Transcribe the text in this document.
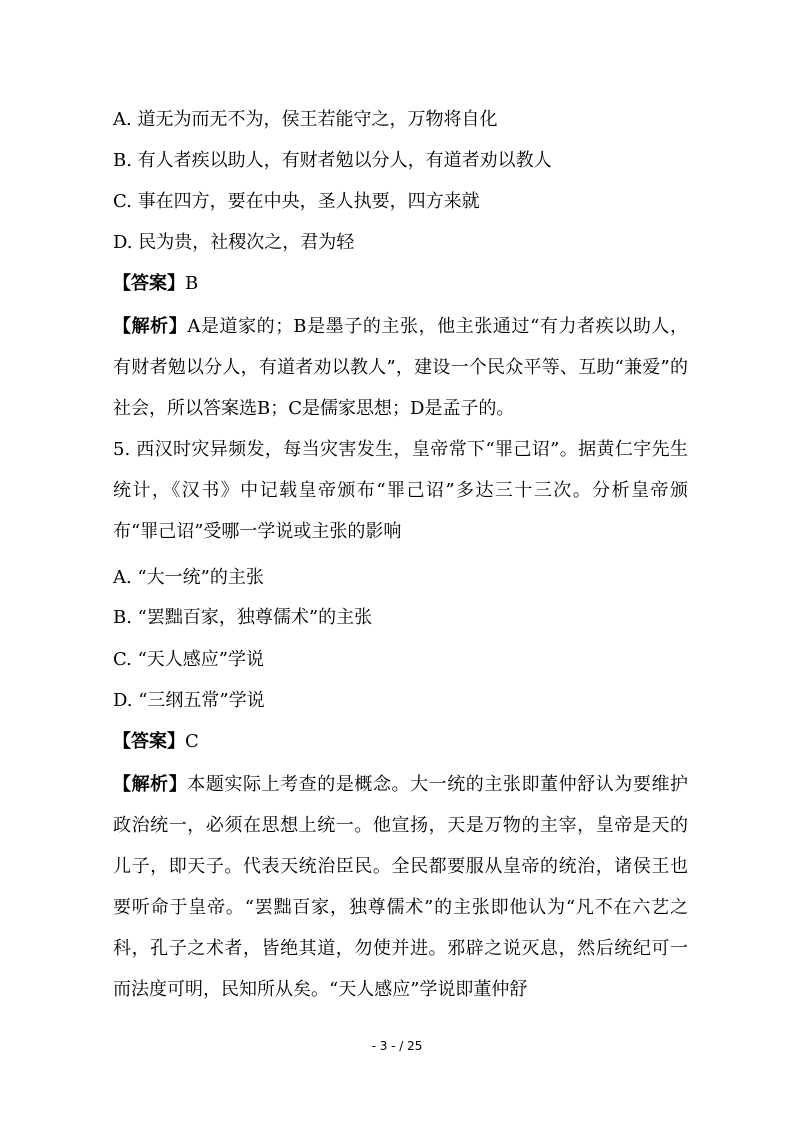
A. 道无为而无不为，侯王若能守之，万物将自化
B. 有人者疾以助人，有财者勉以分人，有道者劝以教人
C. 事在四方，要在中央，圣人执要，四方来就
D. 民为贵，社稷次之，君为轻
【答案】B
【解析】A是道家的；B是墨子的主张，他主张通过“有力者疾以助人，有财者勉以分人，有道者劝以教人”，建设一个民众平等、互助“兼爱”的社会，所以答案选B；C是儒家思想；D是孟子的。
5. 西汉时灾异频发，每当灾害发生，皇帝常下“罪己诏”。据黄仁宇先生统计，《汉书》中记载皇帝颁布“罪己诏”多达三十三次。分析皇帝颁布“罪己诏”受哪一学说或主张的影响
A. “大一统”的主张
B. “罢黜百家，独尊儒术”的主张
C. “天人感应”学说
D. “三纲五常”学说
【答案】C
【解析】本题实际上考查的是概念。大一统的主张即董仲舒认为要维护政治统一，必须在思想上统一。他宣扬，天是万物的主宰，皇帝是天的儿子，即天子。代表天统治臣民。全民都要服从皇帝的统治，诸侯王也要听命于皇帝。“罢黜百家，独尊儒术”的主张即他认为“凡不在六艺之科，孔子之术者，皆绝其道，勿使并进。邪辟之说灭息，然后统纪可一而法度可明，民知所从矣。“天人感应”学说即董仲舒
- 3 - / 25
